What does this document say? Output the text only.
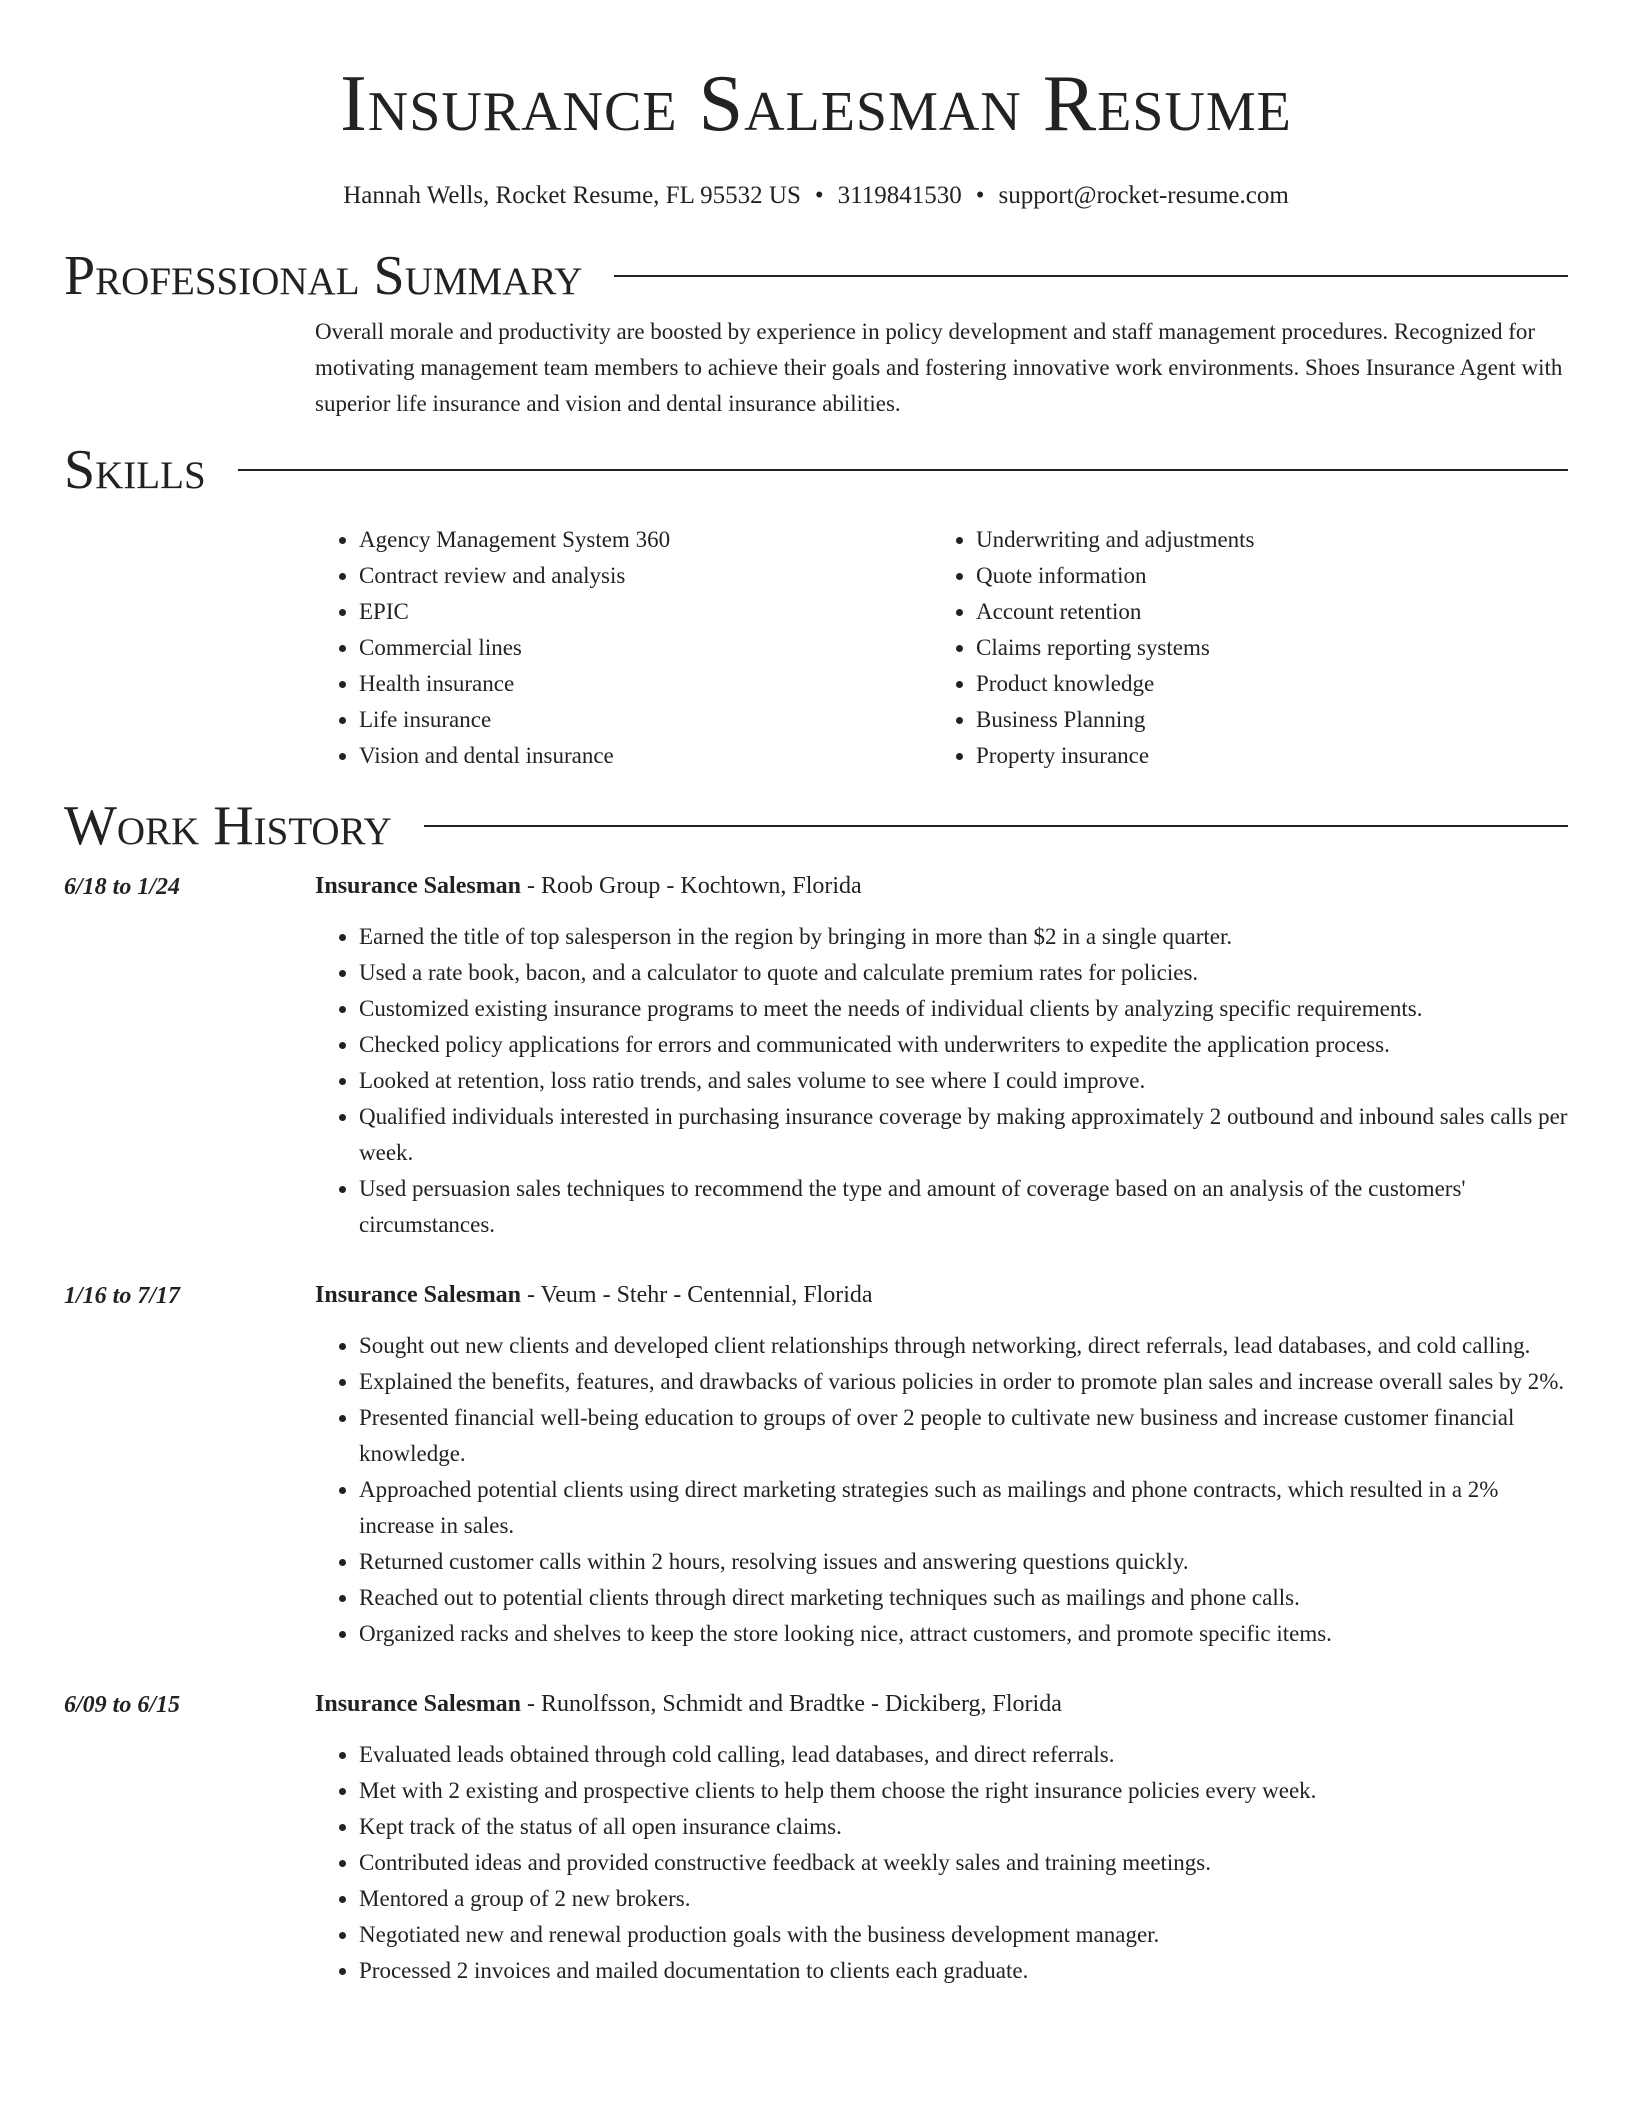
Insurance Salesman Resume
Hannah Wells, Rocket Resume, FL 95532 US • 3119841530 • support@rocket-resume.com
Professional Summary

Overall morale and productivity are boosted by experience in policy development and staff management procedures. Recognized for motivating management team members to achieve their goals and fostering innovative work environments. Shoes Insurance Agent with superior life insurance and vision and dental insurance abilities.

Skills
• Agency Management System 360
• Contract review and analysis
• EPIC
• Commercial lines
• Health insurance
• Life insurance
• Vision and dental insurance
• Underwriting and adjustments
• Quote information
• Account retention
• Claims reporting systems
• Product knowledge
• Business Planning
• Property insurance
Work History
6/18 to 1/24	Insurance Salesman - Roob Group - Kochtown, Florida
• Earned the title of top salesperson in the region by bringing in more than $2 in a single quarter.
• Used a rate book, bacon, and a calculator to quote and calculate premium rates for policies.
• Customized existing insurance programs to meet the needs of individual clients by analyzing specific requirements.
• Checked policy applications for errors and communicated with underwriters to expedite the application process.
• Looked at retention, loss ratio trends, and sales volume to see where I could improve.
• Qualified individuals interested in purchasing insurance coverage by making approximately 2 outbound and inbound sales calls per week.
• Used persuasion sales techniques to recommend the type and amount of coverage based on an analysis of the customers' circumstances.
1/16 to 7/17	Insurance Salesman - Veum - Stehr - Centennial, Florida
• Sought out new clients and developed client relationships through networking, direct referrals, lead databases, and cold calling.
• Explained the benefits, features, and drawbacks of various policies in order to promote plan sales and increase overall sales by 2%.
• Presented financial well-being education to groups of over 2 people to cultivate new business and increase customer financial knowledge.
• Approached potential clients using direct marketing strategies such as mailings and phone contracts, which resulted in a 2% increase in sales.
• Returned customer calls within 2 hours, resolving issues and answering questions quickly.
• Reached out to potential clients through direct marketing techniques such as mailings and phone calls.
• Organized racks and shelves to keep the store looking nice, attract customers, and promote specific items.
6/09 to 6/15	Insurance Salesman - Runolfsson, Schmidt and Bradtke - Dickiberg, Florida
• Evaluated leads obtained through cold calling, lead databases, and direct referrals.
• Met with 2 existing and prospective clients to help them choose the right insurance policies every week.
• Kept track of the status of all open insurance claims.
• Contributed ideas and provided constructive feedback at weekly sales and training meetings.
• Mentored a group of 2 new brokers.
• Negotiated new and renewal production goals with the business development manager.
• Processed 2 invoices and mailed documentation to clients each graduate.
